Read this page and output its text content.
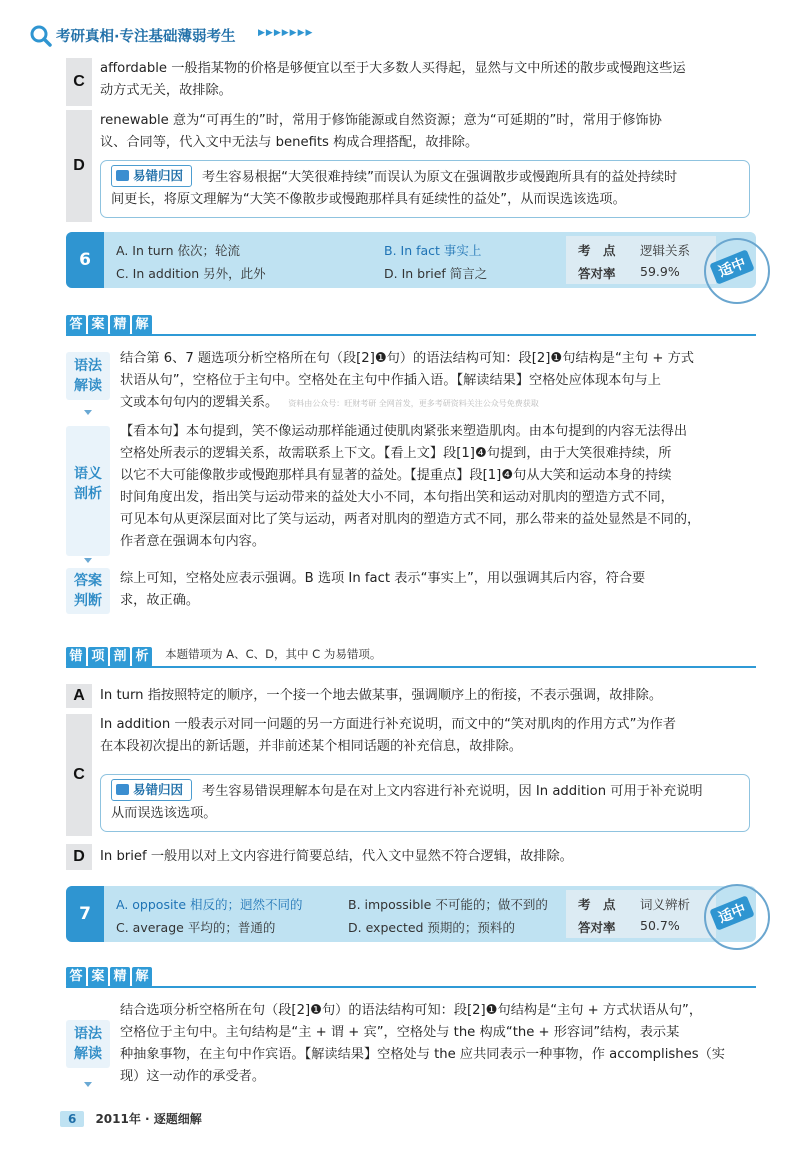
考研真相·专注基础薄弱考生 ▶▶▶▶▶▶▶
C
affordable 一般指某物的价格是够便宜以至于大多数人买得起，显然与文中所述的散步或慢跑这些运
动方式无关，故排除。
D
renewable 意为“可再生的”时，常用于修饰能源或自然资源；意为“可延期的”时，常用于修饰协
议、合同等，代入文中无法与 benefits 构成合理搭配，故排除。
易错归因 考生容易根据“大笑很难持续”而误认为原文在强调散步或慢跑所具有的益处持续时
间更长，将原文理解为“大笑不像散步或慢跑那样具有延续性的益处”，从而误选该选项。
6 A. In turn 依次；轮流	B. In fact 事实上
C. In addition 另外，此外	D. In brief 简言之
考　点 逻辑关系
答对率 59.9%	适中
答 案 精 解
语法
解读
结合第 6、7 题选项分析空格所在句（段[2]❶句）的语法结构可知：段[2]❶句结构是“主句 + 方式
状语从句”，空格位于主句中。空格处在主句中作插入语。【解读结果】空格处应体现本句与上
文或本句句内的逻辑关系。 资料由公众号：旺财考研 全网首发，更多考研资料关注公众号免费获取
语义
剖析
【看本句】本句提到，笑不像运动那样能通过使肌肉紧张来塑造肌肉。由本句提到的内容无法得出
空格处所表示的逻辑关系，故需联系上下文。【看上文】段[1]❹句提到，由于大笑很难持续，所
以它不大可能像散步或慢跑那样具有显著的益处。【提重点】段[1]❹句从大笑和运动本身的持续
时间角度出发，指出笑与运动带来的益处大小不同，本句指出笑和运动对肌肉的塑造方式不同，
可见本句从更深层面对比了笑与运动，两者对肌肉的塑造方式不同，那么带来的益处显然是不同的，
作者意在强调本句内容。
答案
判断
综上可知，空格处应表示强调。B 选项 In fact 表示“事实上”，用以强调其后内容，符合要
求，故正确。
错 项 剖 析 本题错项为 A、C、D，其中 C 为易错项。
A In turn 指按照特定的顺序，一个接一个地去做某事，强调顺序上的衔接，不表示强调，故排除。
C
In addition 一般表示对同一问题的另一方面进行补充说明，而文中的“笑对肌肉的作用方式”为作者
在本段初次提出的新话题，并非前述某个相同话题的补充信息，故排除。
易错归因 考生容易错误理解本句是在对上文内容进行补充说明，因 In addition 可用于补充说明
从而误选该选项。
D In brief 一般用以对上文内容进行简要总结，代入文中显然不符合逻辑，故排除。
7 A. opposite 相反的；迥然不同的	B. impossible 不可能的；做不到的
C. average 平均的；普通的	D. expected 预期的；预料的
考　点 词义辨析
答对率 50.7%	适中
答 案 精 解
语法
解读
结合选项分析空格所在句（段[2]❶句）的语法结构可知：段[2]❶句结构是“主句 + 方式状语从句”，
空格位于主句中。主句结构是“主 + 谓 + 宾”，空格处与 the 构成“the + 形容词”结构，表示某
种抽象事物，在主句中作宾语。【解读结果】空格处与 the 应共同表示一种事物，作 accomplishes（实
现）这一动作的承受者。
6 2011年 · 逐题细解
